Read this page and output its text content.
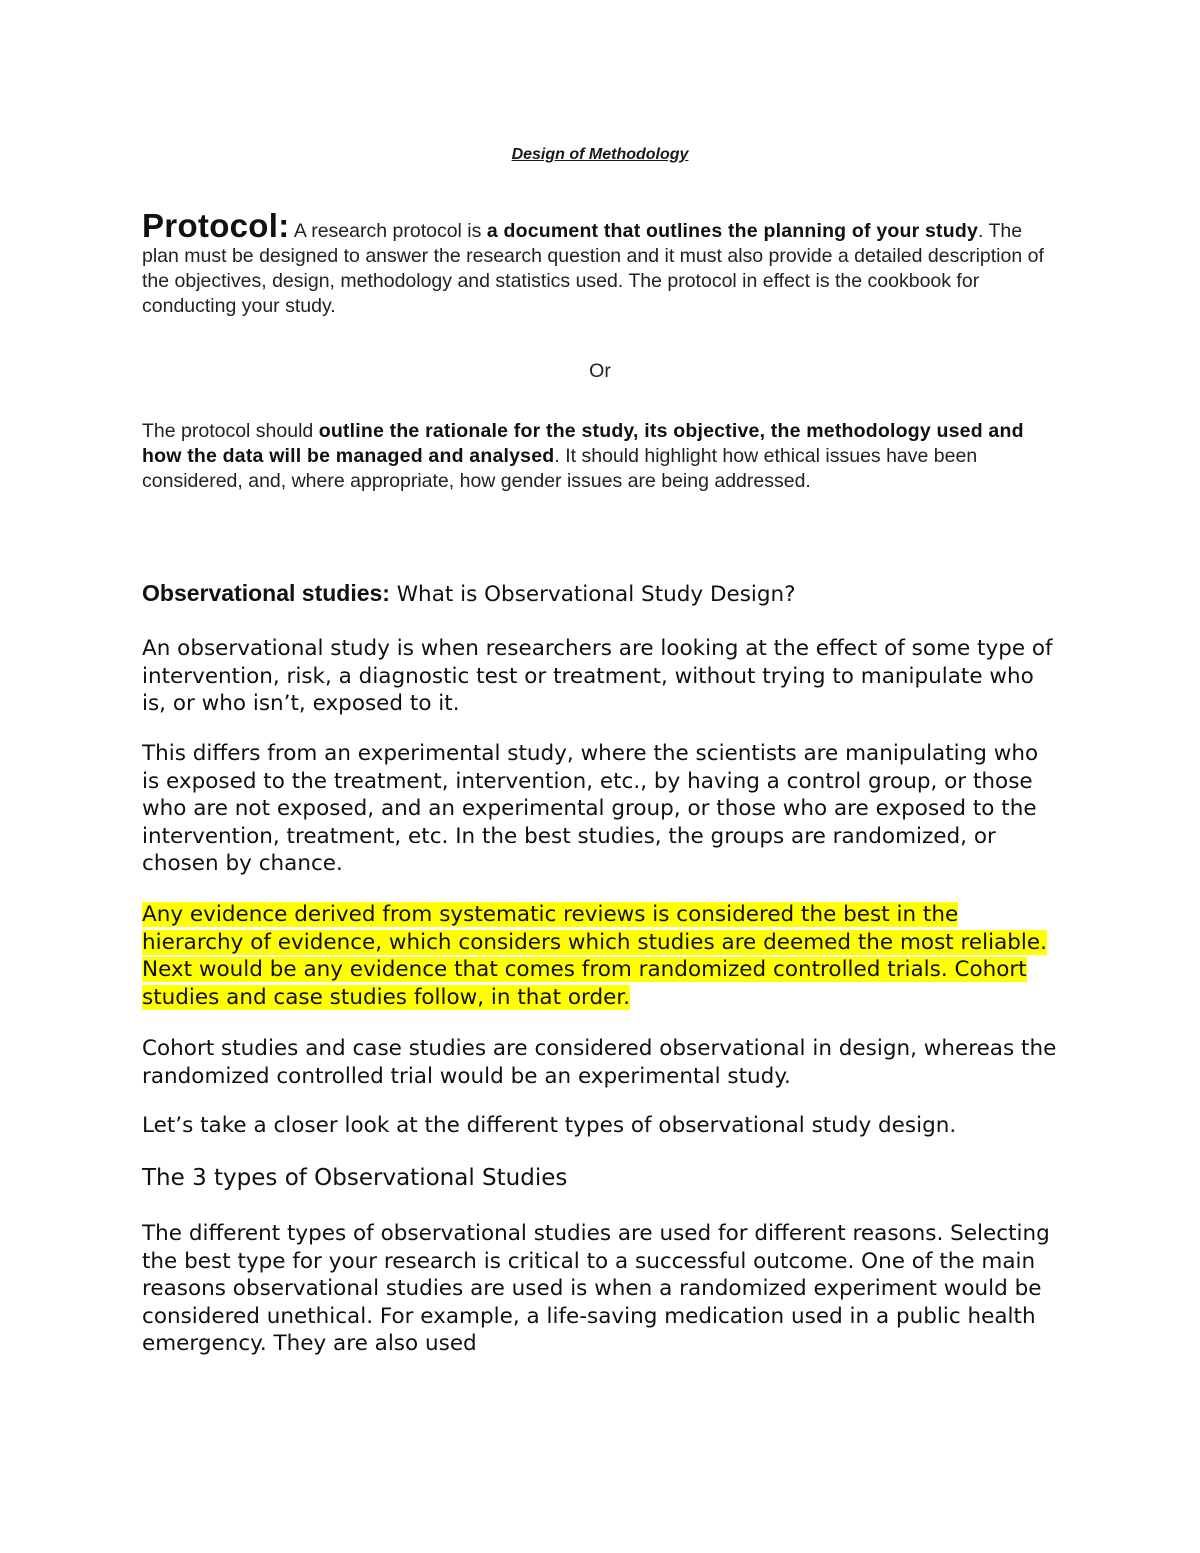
Design of Methodology

Protocol: A research protocol is a document that outlines the planning of your study. The plan must be designed to answer the research question and it must also provide a detailed description of the objectives, design, methodology and statistics used. The protocol in effect is the cookbook for conducting your study.

Or

The protocol should outline the rationale for the study, its objective, the methodology used and how the data will be managed and analysed. It should highlight how ethical issues have been considered, and, where appropriate, how gender issues are being addressed.

Observational studies: What is Observational Study Design?

An observational study is when researchers are looking at the effect of some type of intervention, risk, a diagnostic test or treatment, without trying to manipulate who is, or who isn’t, exposed to it.

This differs from an experimental study, where the scientists are manipulating who is exposed to the treatment, intervention, etc., by having a control group, or those who are not exposed, and an experimental group, or those who are exposed to the intervention, treatment, etc. In the best studies, the groups are randomized, or chosen by chance.

Any evidence derived from systematic reviews is considered the best in the hierarchy of evidence, which considers which studies are deemed the most reliable. Next would be any evidence that comes from randomized controlled trials. Cohort studies and case studies follow, in that order.

Cohort studies and case studies are considered observational in design, whereas the randomized controlled trial would be an experimental study.

Let’s take a closer look at the different types of observational study design.

The 3 types of Observational Studies

The different types of observational studies are used for different reasons. Selecting the best type for your research is critical to a successful outcome. One of the main reasons observational studies are used is when a randomized experiment would be considered unethical. For example, a life-saving medication used in a public health emergency. They are also used
